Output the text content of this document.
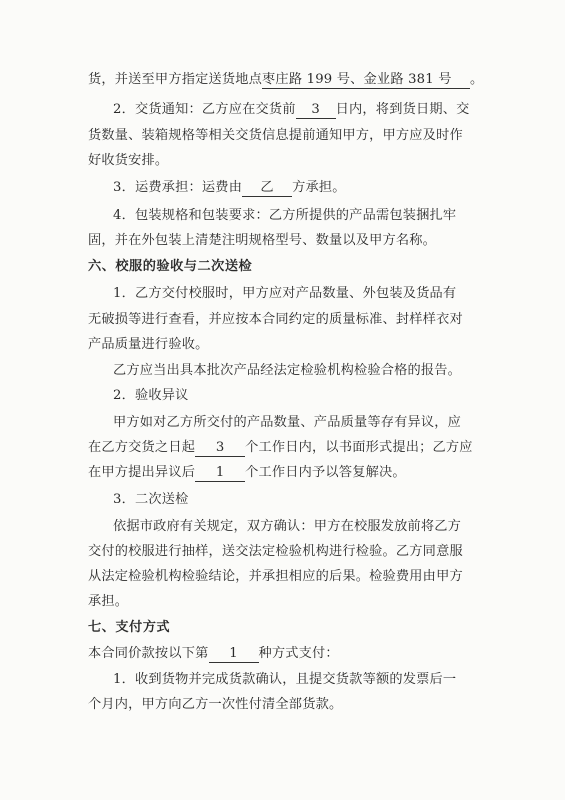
货，并送至甲方指定送货地点枣庄路 199 号、金业路 381 号 。
2．交货通知：乙方应在交货前 3 日内，将到货日期、交
货数量、装箱规格等相关交货信息提前通知甲方，甲方应及时作
好收货安排。
3．运费承担：运费由 乙 方承担。
4．包装规格和包装要求：乙方所提供的产品需包装捆扎牢
固，并在外包装上清楚注明规格型号、数量以及甲方名称。
六、校服的验收与二次送检
1．乙方交付校服时，甲方应对产品数量、外包装及货品有
无破损等进行查看，并应按本合同约定的质量标准、封样样衣对
产品质量进行验收。
乙方应当出具本批次产品经法定检验机构检验合格的报告。
2．验收异议
甲方如对乙方所交付的产品数量、产品质量等存有异议，应
在乙方交货之日起 3 个工作日内，以书面形式提出；乙方应
在甲方提出异议后 1 个工作日内予以答复解决。
3．二次送检
依据市政府有关规定，双方确认：甲方在校服发放前将乙方
交付的校服进行抽样，送交法定检验机构进行检验。乙方同意服
从法定检验机构检验结论，并承担相应的后果。检验费用由甲方
承担。
七、支付方式
本合同价款按以下第 1 种方式支付：
1．收到货物并完成货款确认，且提交货款等额的发票后一
个月内，甲方向乙方一次性付清全部货款。
